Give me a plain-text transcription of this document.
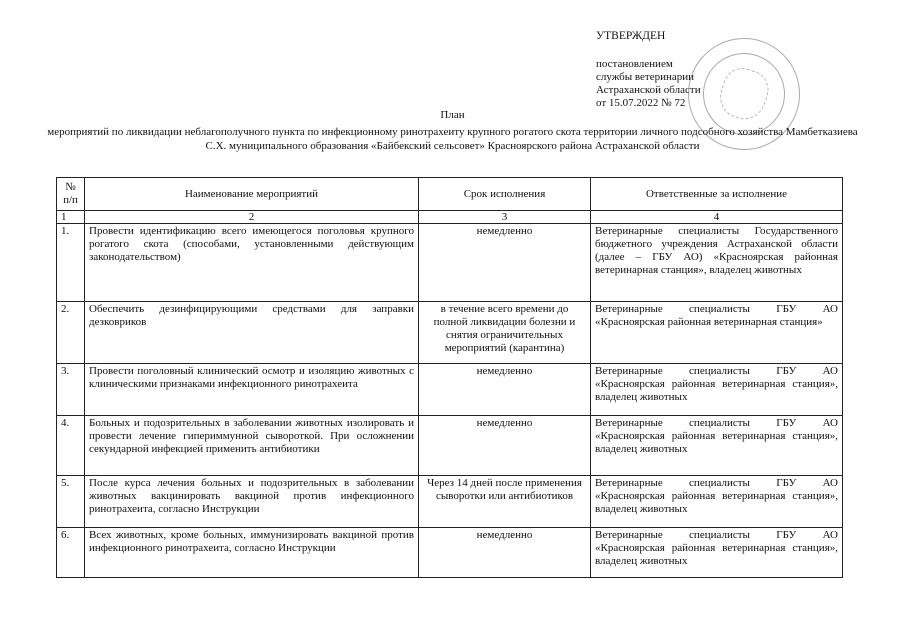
УТВЕРЖДЕН
постановлением
службы ветеринарии
Астраханской области
от 15.07.2022 № 72
План
мероприятий по ликвидации неблагополучного пункта по инфекционному ринотрахеиту крупного рогатого скота территории личного подсобного хозяйства Мамбетказиева С.Х. муниципального образования «Байбекский сельсовет» Красноярского района Астраханской области
№ п/п	Наименование мероприятий	Срок исполнения	Ответственные за исполнение
1	2	3	4
1.	Провести идентификацию всего имеющегося поголовья крупного рогатого скота (способами, установленными действующим законодательством)	немедленно	Ветеринарные специалисты Государственного бюджетного учреждения Астраханской области (далее – ГБУ АО) «Красноярская районная ветеринарная станция», владелец животных
2.	Обеспечить дезинфицирующими средствами для заправки дезковриков	в течение всего времени до полной ликвидации болезни и снятия ограничительных мероприятий (карантина)	Ветеринарные специалисты ГБУ АО «Красноярская районная ветеринарная станция»
3.	Провести поголовный клинический осмотр и изоляцию животных с клиническими признаками инфекционного ринотрахеита	немедленно	Ветеринарные специалисты ГБУ АО «Красноярская районная ветеринарная станция», владелец животных
4.	Больных и подозрительных в заболевании животных изолировать и провести лечение гипериммунной сывороткой. При осложнении секундарной инфекцией применить антибиотики	немедленно	Ветеринарные специалисты ГБУ АО «Красноярская районная ветеринарная станция», владелец животных
5.	После курса лечения больных и подозрительных в заболевании животных вакцинировать вакциной против инфекционного ринотрахеита, согласно Инструкции	Через 14 дней после применения сыворотки или антибиотиков	Ветеринарные специалисты ГБУ АО «Красноярская районная ветеринарная станция», владелец животных
6.	Всех животных, кроме больных, иммунизировать вакциной против инфекционного ринотрахеита, согласно Инструкции	немедленно	Ветеринарные специалисты ГБУ АО «Красноярская районная ветеринарная станция», владелец животных
